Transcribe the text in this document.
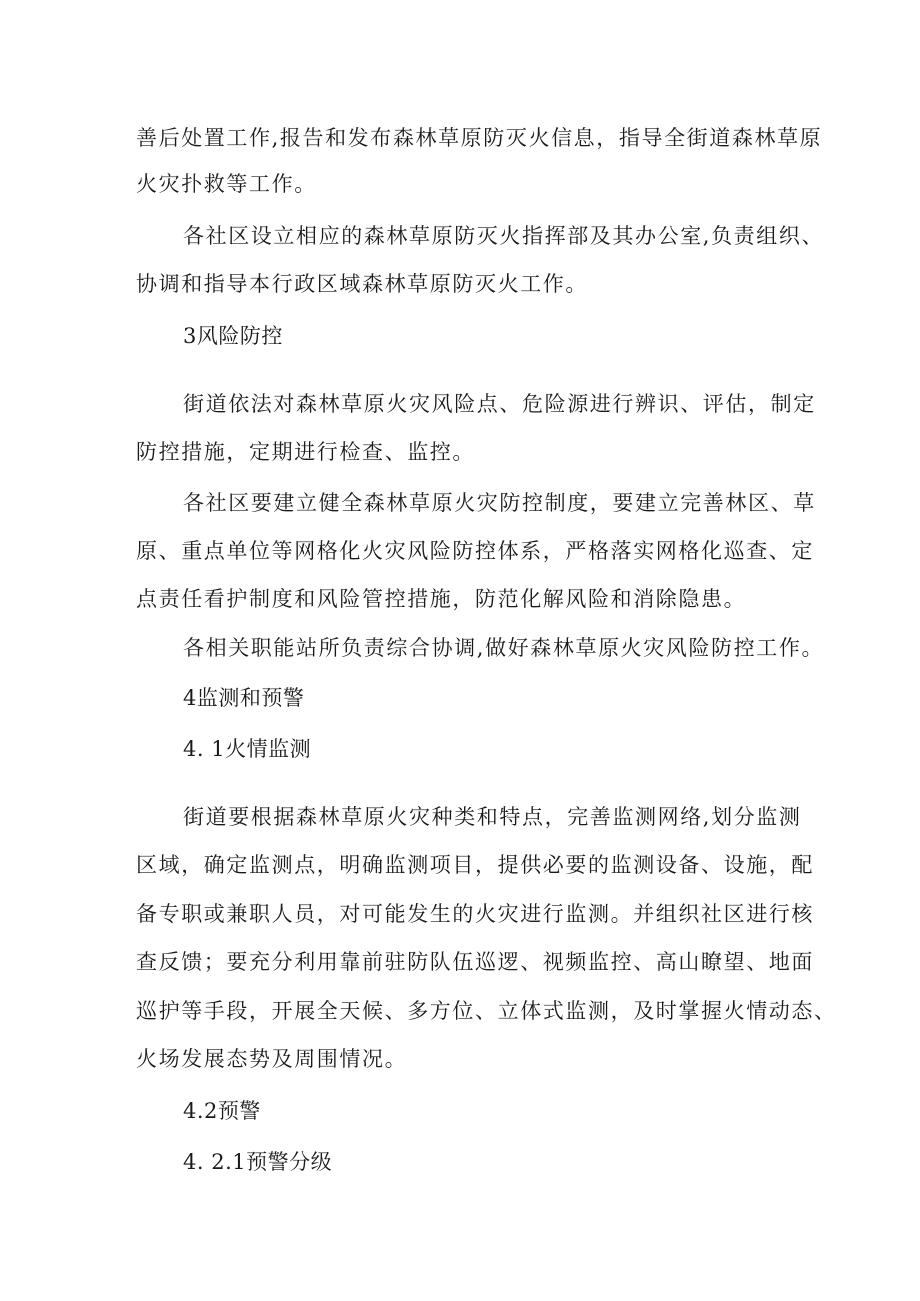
善后处置工作,报告和发布森林草原防灭火信息，指导全街道森林草原
火灾扑救等工作。
各社区设立相应的森林草原防灭火指挥部及其办公室,负责组织、
协调和指导本行政区域森林草原防灭火工作。
3风险防控
街道依法对森林草原火灾风险点、危险源进行辨识、评估，制定
防控措施，定期进行检查、监控。
各社区要建立健全森林草原火灾防控制度，要建立完善林区、草
原、重点单位等网格化火灾风险防控体系，严格落实网格化巡查、定
点责任看护制度和风险管控措施，防范化解风险和消除隐患。
各相关职能站所负责综合协调,做好森林草原火灾风险防控工作。
4监测和预警
4. 1火情监测
街道要根据森林草原火灾种类和特点，完善监测网络,划分监测
区域，确定监测点，明确监测项目，提供必要的监测设备、设施，配
备专职或兼职人员，对可能发生的火灾进行监测。并组织社区进行核
查反馈；要充分利用靠前驻防队伍巡逻、视频监控、高山瞭望、地面
巡护等手段，开展全天候、多方位、立体式监测，及时掌握火情动态、
火场发展态势及周围情况。
4.2预警
4. 2.1预警分级
